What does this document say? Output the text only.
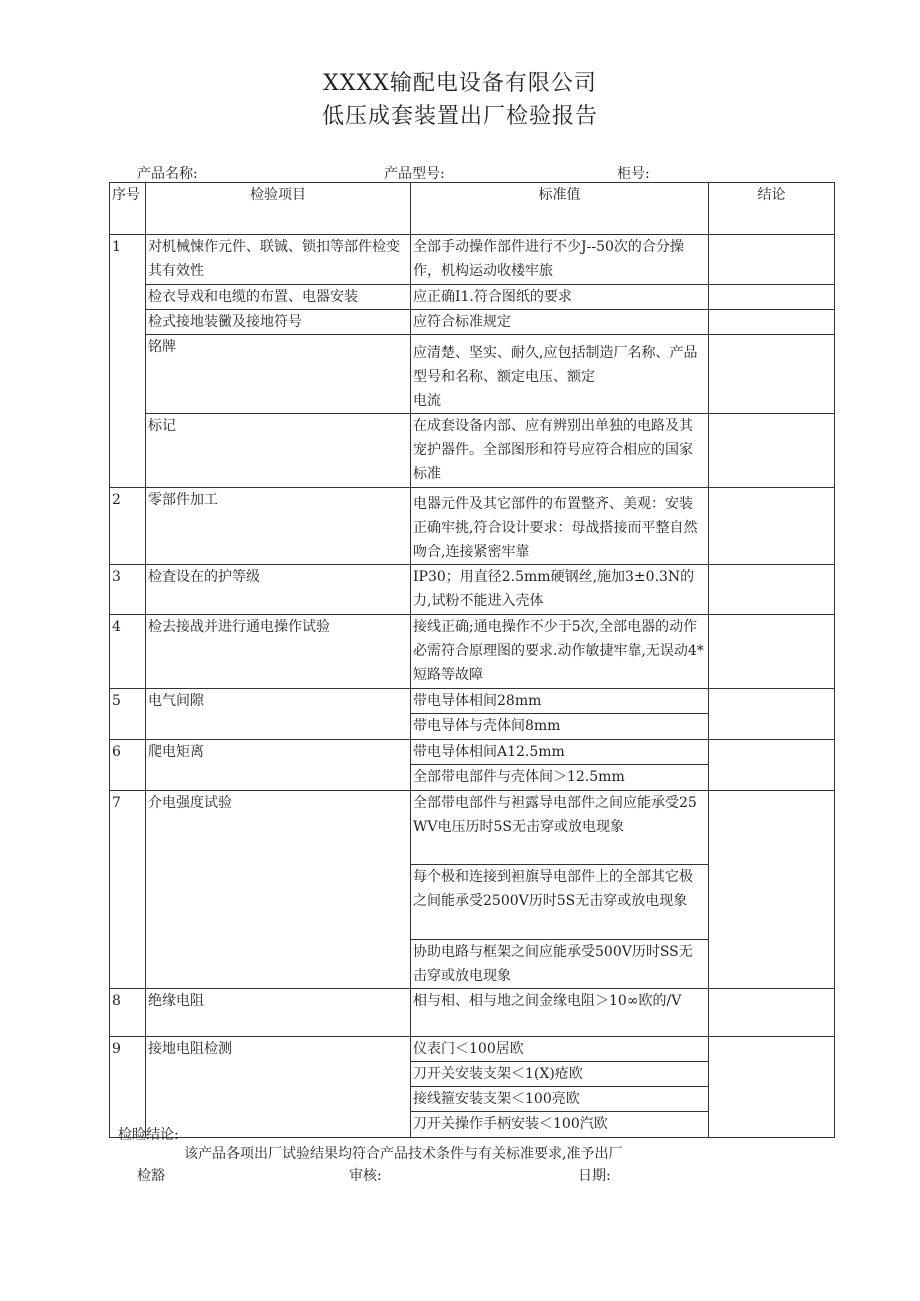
XXXX输配电设备有限公司
低压成套装置出厂检验报告
产品名称:	产品型号:	柜号:
序号	检验项目	标准值	结论
1	对机械悚作元件、联铖、锁扣等部件检变其有效性	全部手动操作部件进行不少J--50次的合分操作，机构运动收楼牢旅	
	检衣导戏和电缆的布置、电器安装	应正确I1.符合图纸的要求	
	检式接地装黴及接地符号	应符合标准规定	
	铭牌	应清楚、坚实、耐久,应包括制造厂名称、产品型号和名称、额定电压、额定
电流	

	标记	在成套设备内部、应有辨别出单独的电路及其宠护器件。全部图形和符号应符合相应的国家标准	
2	零部件加工	电器元件及其它部件的布置整齐、美观：安装正确牢挑,符合设计要求：母战搭接而平整自然吻合,连接紧密牢靠	

3	检査设在的护等级	IP30；用直径2.5mm硬钢丝,施加3±0.3N的力,试粉不能进入壳体	
4	检去接战并进行通电操作试验	接线正确;通电操作不少于5次,全部电器的动作必需符合原理图的要求.动作敏捷牢靠,无误动4*短路等故障	
5	电气间隙	带电导体相间28mm	
		带电导体与壳体间8mm	
6	爬电矩离	带电导体相间A12.5mm	
		全部带电部件与壳体间＞12.5mm	
7	介电强度试验	全部带电部件与袒露导电部件之间应能承受25WV电压历时5S无击穿或放电现象	
		每个极和连接到袒旗导电部件上的全部其它极之间能承受2500V历时5S无击穿或放电现象	
		协助电路与框架之间应能承受500V历时SS无击穿或放电现象	
8	绝缘电阻	相与相、相与地之间金缘电阻＞10∞欧的/V	
9	接地电阻检测	仪表门＜100居欧	
		刀开关安装支架＜1(X)疮欧	
		接线箍安装支架＜100亮欧	
		刀开关操作手柄安装＜100汽欧	
检睑结论:
该产品各项出厂试验结果均符合产品技术条件与有关标准要求,准予出厂
检豁	审核:	日期:
